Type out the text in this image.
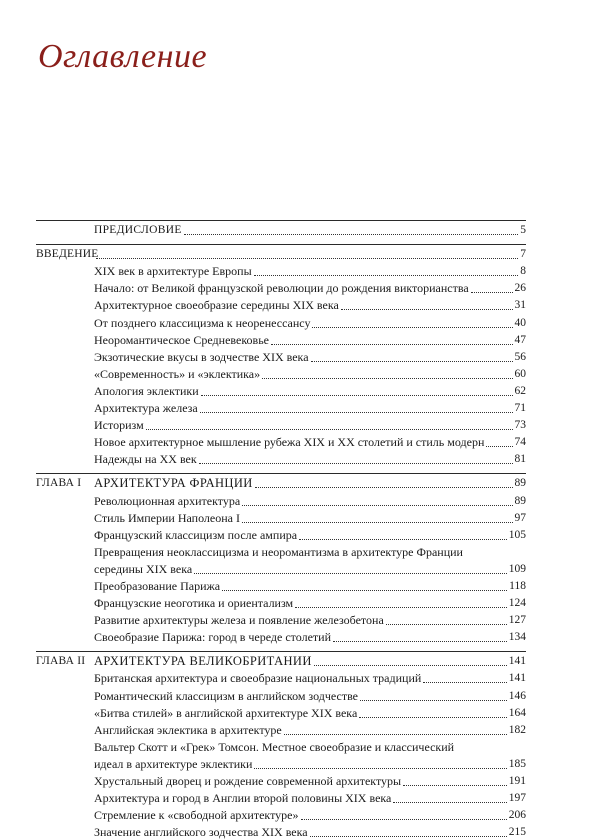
Оглавление
ПРЕДИСЛОВИЕ	5
ВВЕДЕНИЕ	7
XIX век в архитектуре Европы	8
Начало: от Великой французской революции до рождения викторианства	26
Архитектурное своеобразие середины XIX века	31
От позднего классицизма к неоренессансу	40
Неоромантическое Средневековье	47
Экзотические вкусы в зодчестве XIX века	56
«Современность» и «эклектика»	60
Апология эклектики	62
Архитектура железа	71
Историзм	73
Новое архитектурное мышление рубежа XIX и XX столетий и стиль модерн	74
Надежды на XX век	81
ГЛАВА I	АРХИТЕКТУРА ФРАНЦИИ	89
Революционная архитектура	89
Стиль Империи Наполеона I	97
Французский классицизм после ампира	105
Превращения неоклассицизма и неоромантизма в архитектуре Франции
середины XIX века	109
Преобразование Парижа	118
Французские неоготика и ориентализм	124
Развитие архитектуры железа и появление железобетона	127
Своеобразие Парижа: город в череде столетий	134
ГЛАВА II АРХИТЕКТУРА ВЕЛИКОБРИТАНИИ	141
Британская архитектура и своеобразие национальных традиций	141
Романтический классицизм в английском зодчестве	146
«Битва стилей» в английской архитектуре XIX века	164
Английская эклектика в архитектуре	182
Вальтер Скотт и «Грек» Томсон. Местное своеобразие и классический
идеал в архитектуре эклектики	185
Хрустальный дворец и рождение современной архитектуры	191
Архитектура и город в Англии второй половины XIX века	197
Стремление к «свободной архитектуре»	206
Значение английского зодчества XIX века	215
